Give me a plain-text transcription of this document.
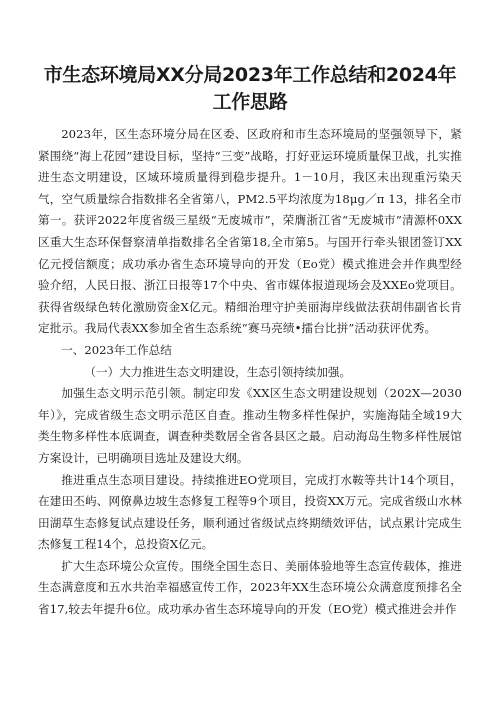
市生态环境局XX分局2023年工作总结和2024年工作思路

2023年，区生态环境分局在区委、区政府和市生态环境局的坚强领导下，紧紧围绕“海上花园”建设目标，坚持“三变”战略，打好亚运环境质量保卫战，扎实推进生态文明建设，区域环境质量得到稳步提升。1－10月，我区未出现重污染天气，空气质量综合指数排名全省第八，PM2.5平均浓度为18μg／π 13，排名全市第一。获评2022年度省级三星级“无废城市”，荣膺浙江省“无废城市”清源杯0XX区重大生态环保督察清单指数排名全省第18,全市第5。与国开行牵头银团签订XX亿元授信额度；成功承办省生态环境导向的开发（Eo党）模式推进会并作典型经验介绍，人民日报、浙江日报等17个中央、省市媒体报道现场会及XXEo党项目。获得省级绿色转化激励资金X亿元。精细治理守护美丽海岸线做法获胡伟副省长肯定批示。我局代表XX参加全省生态系统“赛马亮绩•擂台比拼”活动获评优秀。

一、2023年工作总结

（一）大力推进生态文明建设，生态引领持续加强。

加强生态文明示范引领。制定印发《XX区生态文明建设规划（202X—2030年）》，完成省级生态文明示范区自查。推动生物多样性保护，实施海陆全域19大类生物多样性本底调查，调查种类数居全省各县区之最。启动海岛生物多样性展馆方案设计，已明确项目选址及建设大纲。

推进重点生态项目建设。持续推进EO党项目，完成打水鞍等共计14个项目，在建田丕屿、网僚鼻边坡生态修复工程等9个项目，投资XX万元。完成省级山水林田湖草生态修复试点建设任务，顺利通过省级试点终期绩效评估，试点累计完成生杰修复工程14个，总投资X亿元。

扩大生态环境公众宣传。围绕全国生态日、美丽体验地等生态宣传载体，推进生态满意度和五水共治幸福感宣传工作，2023年XX生态环境公众满意度预排名全省17,较去年提升6位。成功承办省生态环境导向的开发（EO党）模式推进会并作
